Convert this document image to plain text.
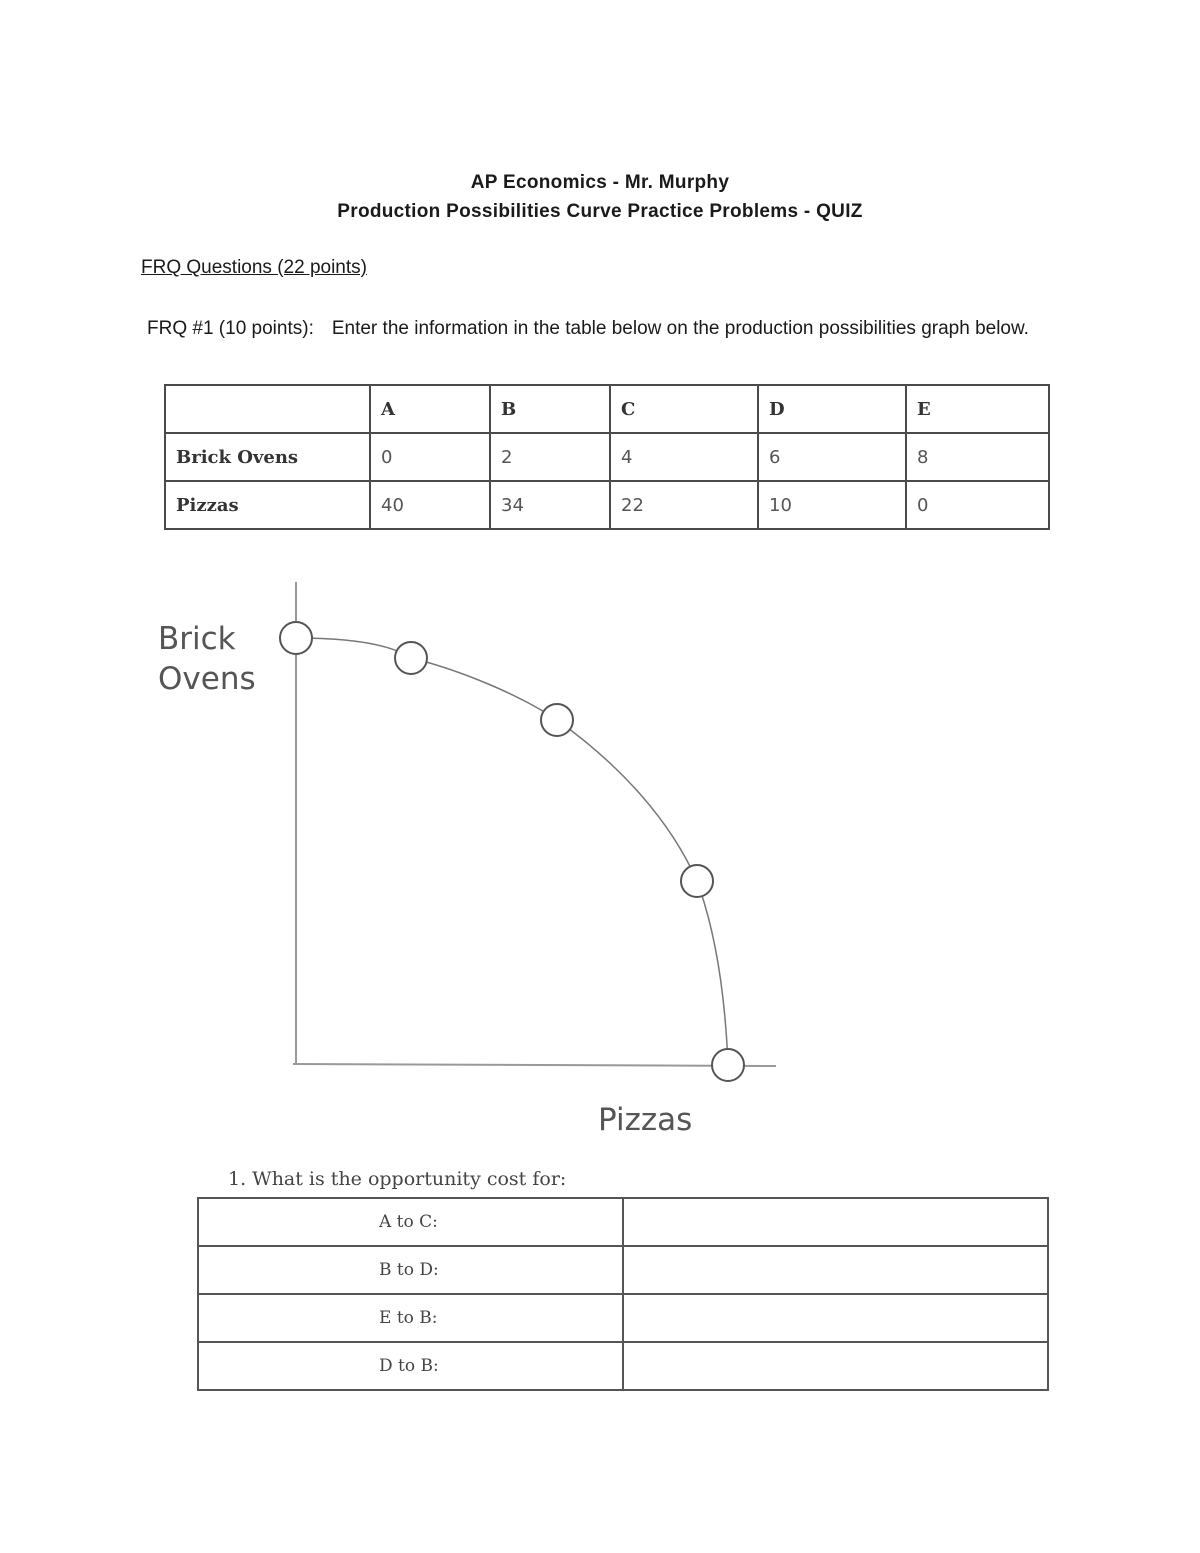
AP Economics - Mr. Murphy
Production Possibilities Curve Practice Problems - QUIZ
FRQ Questions (22 points)
FRQ #1 (10 points): Enter the information in the table below on the production possibilities graph below.
	A	B	C	D	E
Brick Ovens	0	2	4	6	8
Pizzas	40	34	22	10	0
Brick
Ovens
Pizzas
1. What is the opportunity cost for:
A to C:	
B to D:	
E to B:	
D to B:	
